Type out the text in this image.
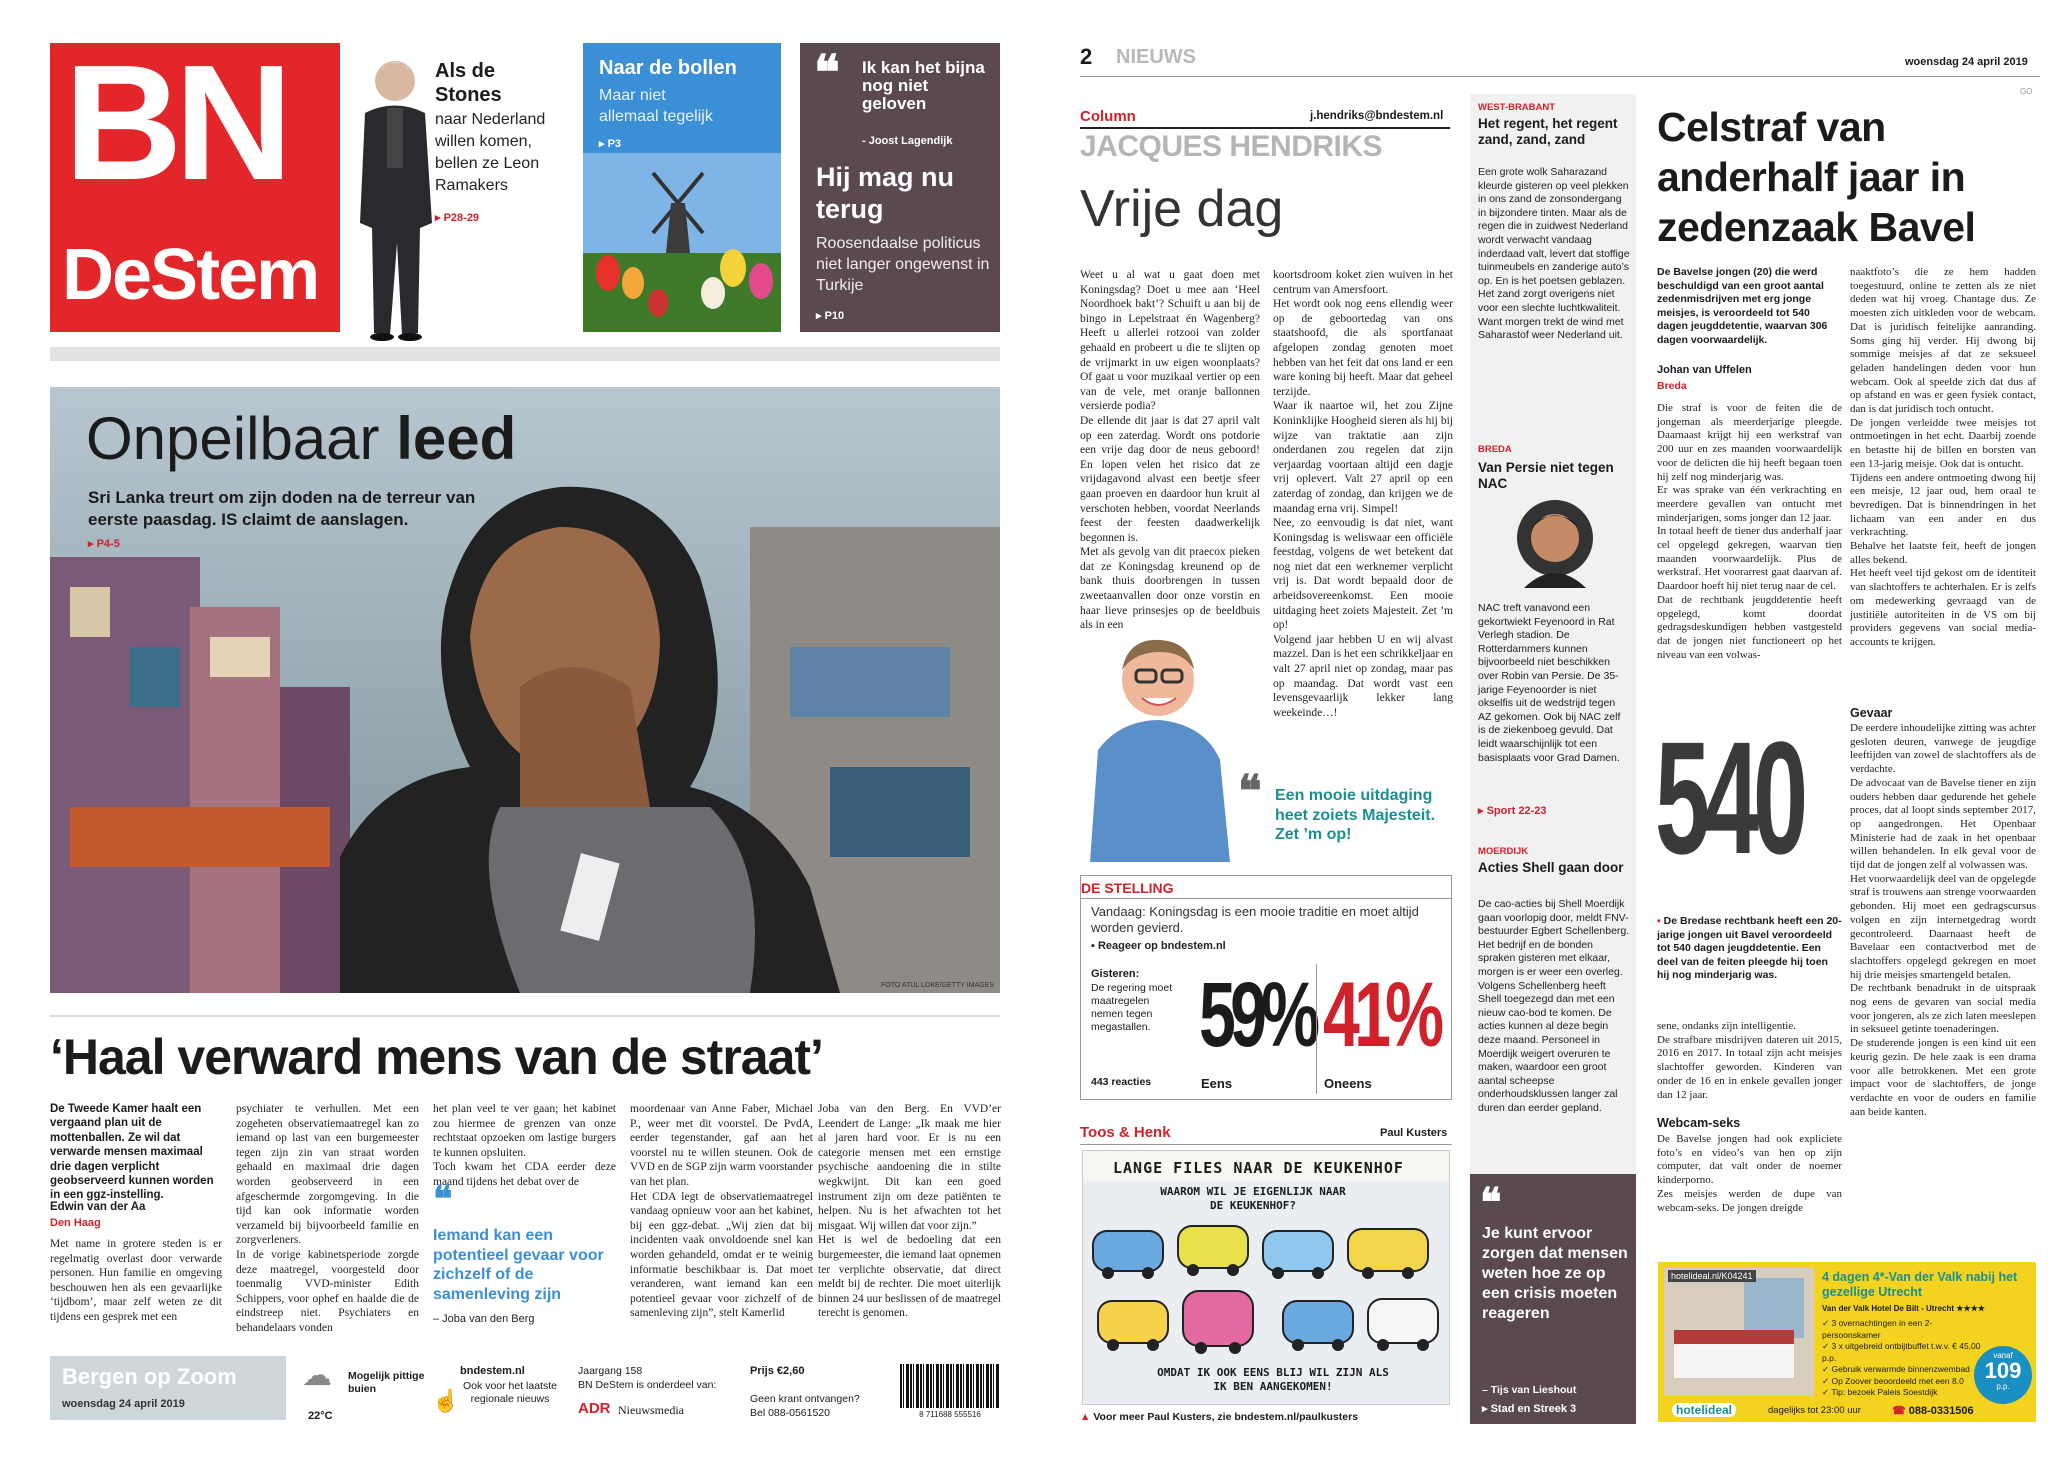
BN
DeStem
Als de Stones
naar Nederland willen komen, bellen ze Leon Ramakers
▸ P28-29
Naar de bollen
Maar niet allemaal tegelijk
▸ P3
❝ Ik kan het bijna nog niet geloven
- Joost Lagendijk
Hij mag nu terug
Roosendaalse politicus niet langer ongewenst in Turkije
▸ P10
Onpeilbaar leed
Sri Lanka treurt om zijn doden na de terreur van eerste paasdag. IS claimt de aanslagen.
▸ P4-5
FOTO ATUL LOKE/GETTY IMAGES
‘Haal verward mens van de straat’
De Tweede Kamer haalt een vergaand plan uit de mottenballen. Ze wil dat verwarde mensen maximaal drie dagen verplicht geobserveerd kunnen worden in een ggz-instelling.
Edwin van der Aa
Den Haag
Met name in grotere steden is er regelmatig overlast door verwarde personen. Hun familie en omgeving beschouwen hen als een gevaarlijke ‘tijdbom’, maar zelf weten ze dit tijdens een gesprek met een
psychiater te verhullen. Met een zogeheten observatiemaatregel kan zo iemand op last van een burgemeester tegen zijn zin van straat worden gehaald en maximaal drie dagen worden geobserveerd in een afgeschermde zorgomgeving. In die tijd kan ook informatie worden verzameld bij bijvoorbeeld familie en zorgverleners.
In de vorige kabinetsperiode zorgde deze maatregel, voorgesteld door toenmalig VVD-minister Edith Schippers, voor ophef en haalde die de eindstreep niet. Psychiaters en behandelaars vonden
het plan veel te ver gaan; het kabinet zou hiermee de grenzen van onze rechtstaat opzoeken om lastige burgers te kunnen opsluiten.
Toch kwam het CDA eerder deze maand tijdens het debat over de
❝
Iemand kan een potentieel gevaar voor zichzelf of de samenleving zijn
– Joba van den Berg
moordenaar van Anne Faber, Michael P., weer met dit voorstel. De PvdA, eerder tegenstander, gaf aan het voorstel nu te willen steunen. Ook de VVD en de SGP zijn warm voorstander van het plan.
Het CDA legt de observatiemaatregel vandaag opnieuw voor aan het kabinet, bij een ggz-debat. „Wij zien dat bij incidenten vaak onvoldoende snel kan worden gehandeld, omdat er te weinig informatie beschikbaar is. Dat moet veranderen, want iemand kan een potentieel gevaar voor zichzelf of de samenleving zijn”, stelt Kamerlid
Joba van den Berg. En VVD’er Leendert de Lange: „Ik maak me hier al jaren hard voor. Er is nu een categorie mensen met een ernstige psychische aandoening die in stilte wegkwijnt. Dit kan een goed instrument zijn om deze patiënten te helpen. Nu is het afwachten tot het misgaat. Wij willen dat voor zijn.”
Het is wel de bedoeling dat een burgemeester, die iemand laat opnemen ter verplichte observatie, dat direct meldt bij de rechter. Die moet uiterlijk binnen 24 uur beslissen of de maatregel terecht is genomen.
Bergen op Zoom
woensdag 24 april 2019
☁ Mogelijk pittige buien
22°C
bndestem.nl
☝
Ook voor het laatste regionale nieuws
Jaargang 158
BN DeStem is onderdeel van:
ADR Nieuwsmedia
Prijs €2,60
Geen krant ontvangen?
Bel 088-0561520	8 711688 555516
2 NIEUWS	woensdag 24 april 2019
GO
Column	j.hendriks@bndestem.nl
JACQUES HENDRIKS
Vrije dag
Weet u al wat u gaat doen met Koningsdag? Doet u mee aan ‘Heel Noordhoek bakt’? Schuift u aan bij de bingo in Lepelstraat én Wagenberg? Heeft u allerlei rotzooi van zolder gehaald en probeert u die te slijten op de vrijmarkt in uw eigen woonplaats? Of gaat u voor muzikaal vertier op een van de vele, met oranje ballonnen versierde podia?
De ellende dit jaar is dat 27 april valt op een zaterdag. Wordt ons potdorie een vrije dag door de neus geboord! En lopen velen het risico dat ze vrijdagavond alvast een beetje sfeer gaan proeven en daardoor hun kruit al verschoten hebben, voordat Neerlands feest der feesten daadwerkelijk begonnen is.
Met als gevolg van dit praecox pieken dat ze Koningsdag kreunend op de bank thuis doorbrengen in tussen zweetaanvallen door onze vorstin en haar lieve prinsesjes op de beeldbuis als in een
koortsdroom koket zien wuiven in het centrum van Amersfoort.
Het wordt ook nog eens ellendig weer op de geboortedag van ons staatshoofd, die als sportfanaat afgelopen zondag genoten moet hebben van het feit dat ons land er een ware koning bij heeft. Maar dat geheel terzijde.
Waar ik naartoe wil, het zou Zijne Koninklijke Hoogheid sieren als hij bij wijze van traktatie aan zijn onderdanen zou regelen dat zijn verjaardag voortaan altijd een dagje vrij oplevert. Valt 27 april op een zaterdag of zondag, dan krijgen we de maandag erna vrij. Simpel!
Nee, zo eenvoudig is dat niet, want Koningsdag is weliswaar een officiële feestdag, volgens de wet betekent dat nog niet dat een werknemer verplicht vrij is. Dat wordt bepaald door de arbeidsovereenkomst. Een mooie uitdaging heet zoiets Majesteit. Zet ’m op!
Volgend jaar hebben U en wij alvast mazzel. Dan is het een schrikkeljaar en valt 27 april niet op zondag, maar pas op maandag. Dat wordt vast een levensgevaarlijk lekker lang weekeinde…!
❝ Een mooie uitdaging heet zoiets Majesteit. Zet ’m op!
DE STELLING
Vandaag: Koningsdag is een mooie traditie en moet altijd worden gevierd.
▪ Reageer op bndestem.nl
Gisteren:
De regering moet maatregelen nemen tegen megastallen.
443 reacties
59%
Eens
41%
Oneens
Toos & Henk	Paul Kusters
LANGE FILES NAAR DE KEUKENHOF
WAAROM WIL JE EIGENLIJK NAAR DE KEUKENHOF?
OMDAT IK OOK EENS BLIJ WIL ZIJN ALS IK BEN AANGEKOMEN!
▲ Voor meer Paul Kusters, zie bndestem.nl/paulkusters
WEST-BRABANT
Het regent, het regent zand, zand, zand
Een grote wolk Saharazand kleurde gisteren op veel plekken in ons zand de zonsondergang in bijzondere tinten. Maar als de regen die in zuidwest Nederland wordt verwacht vandaag inderdaad valt, levert dat stoffige tuinmeubels en zanderige auto’s op. En is het poetsen geblazen. Het zand zorgt overigens niet voor een slechte luchtkwaliteit. Want morgen trekt de wind met Saharastof weer Nederland uit.
BREDA
Van Persie niet tegen NAC
NAC treft vanavond een gekortwiekt Feyenoord in Rat Verlegh stadion. De Rotterdammers kunnen bijvoorbeeld niet beschikken over Robin van Persie. De 35-jarige Feyenoorder is niet okselfis uit de wedstrijd tegen AZ gekomen. Ook bij NAC zelf is de ziekenboeg gevuld. Dat leidt waarschijnlijk tot een basisplaats voor Grad Damen.
▸ Sport 22-23
MOERDIJK
Acties Shell gaan door
De cao-acties bij Shell Moerdijk gaan voorlopig door, meldt FNV-bestuurder Egbert Schellenberg. Het bedrijf en de bonden spraken gisteren met elkaar, morgen is er weer een overleg. Volgens Schellenberg heeft Shell toegezegd dan met een nieuw cao-bod te komen. De acties kunnen al deze begin deze maand. Personeel in Moerdijk weigert overuren te maken, waardoor een groot aantal scheepse onderhoudsklussen langer zal duren dan eerder gepland.
❝
Je kunt ervoor zorgen dat mensen weten hoe ze op een crisis moeten reageren
– Tijs van Lieshout
▸ Stad en Streek 3
Celstraf van anderhalf jaar in zedenzaak Bavel
De Bavelse jongen (20) die werd beschuldigd van een groot aantal zedenmisdrijven met erg jonge meisjes, is veroordeeld tot 540 dagen jeugddetentie, waarvan 306 dagen voorwaardelijk.
Johan van Uffelen
Breda
Die straf is voor de feiten die de jongeman als meerderjarige pleegde. Daarnaast krijgt hij een werkstraf van 200 uur en zes maanden voorwaardelijk voor de delicten die hij heeft begaan toen hij zelf nog minderjarig was.
Er was sprake van één verkrachting en meerdere gevallen van ontucht met minderjarigen, soms jonger dan 12 jaar.
In totaal heeft de tiener dus anderhalf jaar cel opgelegd gekregen, waarvan tien maanden voorwaardelijk. Plus de werkstraf. Het voorarrest gaat daarvan af. Daardoor hoeft hij niet terug naar de cel.
Dat de rechtbank jeugddetentie heeft opgelegd, komt doordat gedragsdeskundigen hebben vastgesteld dat de jongen niet functioneert op het niveau van een volwas-
540
▪ De Bredase rechtbank heeft een 20-jarige jongen uit Bavel veroordeeld tot 540 dagen jeugddetentie. Een deel van de feiten pleegde hij toen hij nog minderjarig was.
sene, ondanks zijn intelligentie.
De strafbare misdrijven dateren uit 2015, 2016 en 2017. In totaal zijn acht meisjes slachtoffer geworden. Kinderen van onder de 16 en in enkele gevallen jonger dan 12 jaar.
Webcam-seks
De Bavelse jongen had ook expliciete foto’s en video’s van hen op zijn computer, dat valt onder de noemer kinderporno.
Zes meisjes werden de dupe van webcam-seks. De jongen dreigde
naaktfoto’s die ze hem hadden toegestuurd, online te zetten als ze niet deden wat hij vroeg. Chantage dus. Ze moesten zich uitkleden voor de webcam. Dat is juridisch feitelijke aanranding. Soms ging hij verder. Hij dwong bij sommige meisjes af dat ze seksueel geladen handelingen deden voor hun webcam. Ook al speelde zich dat dus af op afstand en was er geen fysiek contact, dan is dat juridisch toch ontucht.
De jongen verleidde twee meisjes tot ontmoetingen in het echt. Daarbij zoende en betastte hij de billen en borsten van een 13-jarig meisje. Ook dat is ontucht.
Tijdens een andere ontmoeting dwong hij een meisje, 12 jaar oud, hem oraal te bevredigen. Dat is binnendringen in het lichaam van een ander en dus verkrachting.
Behalve het laatste feit, heeft de jongen alles bekend.
Het heeft veel tijd gekost om de identiteit van slachtoffers te achterhalen. Er is zelfs om medewerking gevraagd van de justitiële autoriteiten in de VS om bij providers gegevens van social media-accounts te krijgen.
Gevaar
De eerdere inhoudelijke zitting was achter gesloten deuren, vanwege de jeugdige leeftijden van zowel de slachtoffers als de verdachte.
De advocaat van de Bavelse tiener en zijn ouders hebben daar gedurende het gehele proces, dat al loopt sinds september 2017, op aangedrongen. Het Openbaar Ministerie had de zaak in het openbaar willen behandelen. In elk geval voor de tijd dat de jongen zelf al volwassen was.
Het voorwaardelijk deel van de opgelegde straf is trouwens aan strenge voorwaarden gebonden. Hij moet een gedragscursus volgen en zijn internetgedrag wordt gecontroleerd. Daarnaast heeft de Bavelaar een contactverbod met de slachtoffers opgelegd gekregen en moet hij drie meisjes smartengeld betalen.
De rechtbank benadrukt in de uitspraak nog eens de gevaren van social media voor jongeren, als ze zich laten meeslepen in seksueel getinte toenaderingen.
De studerende jongen is een kind uit een keurig gezin. De hele zaak is een drama voor alle betrokkenen. Met een grote impact voor de slachtoffers, de jonge verdachte en voor de ouders en familie aan beide kanten.
hotelideal.nl/K04241	4 dagen 4*-Van der Valk nabij het gezellige Utrecht
Van der Valk Hotel De Bilt - Utrecht ★★★★
✓ 3 overnachtingen in een 2-persoonskamer
✓ 3 x uitgebreid ontbijtbuffet t.w.v. € 45,00 p.p.
✓ Gebruik verwarmde binnenzwembad
✓ Op Zoover beoordeeld met een 8.0
✓ Tip: bezoek Paleis Soestdijk
vanaf
109
p.p.
hotelideal	dagelijks tot 23:00 uur	☎ 088-0331506
